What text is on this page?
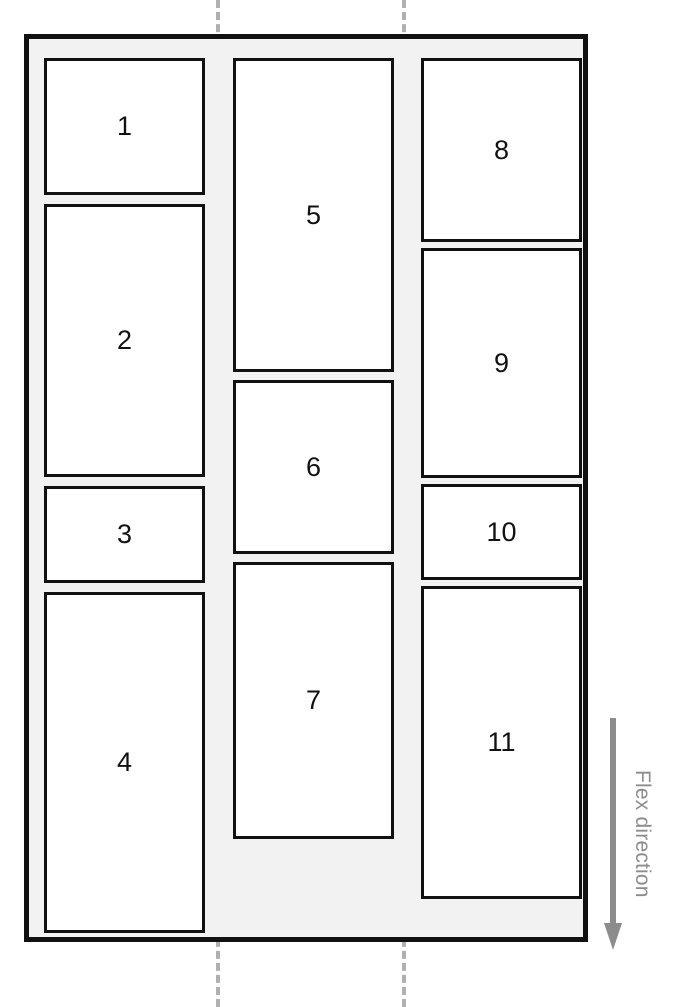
1
2
3
4
5
6
7
8
9
10
11
Flex direction
